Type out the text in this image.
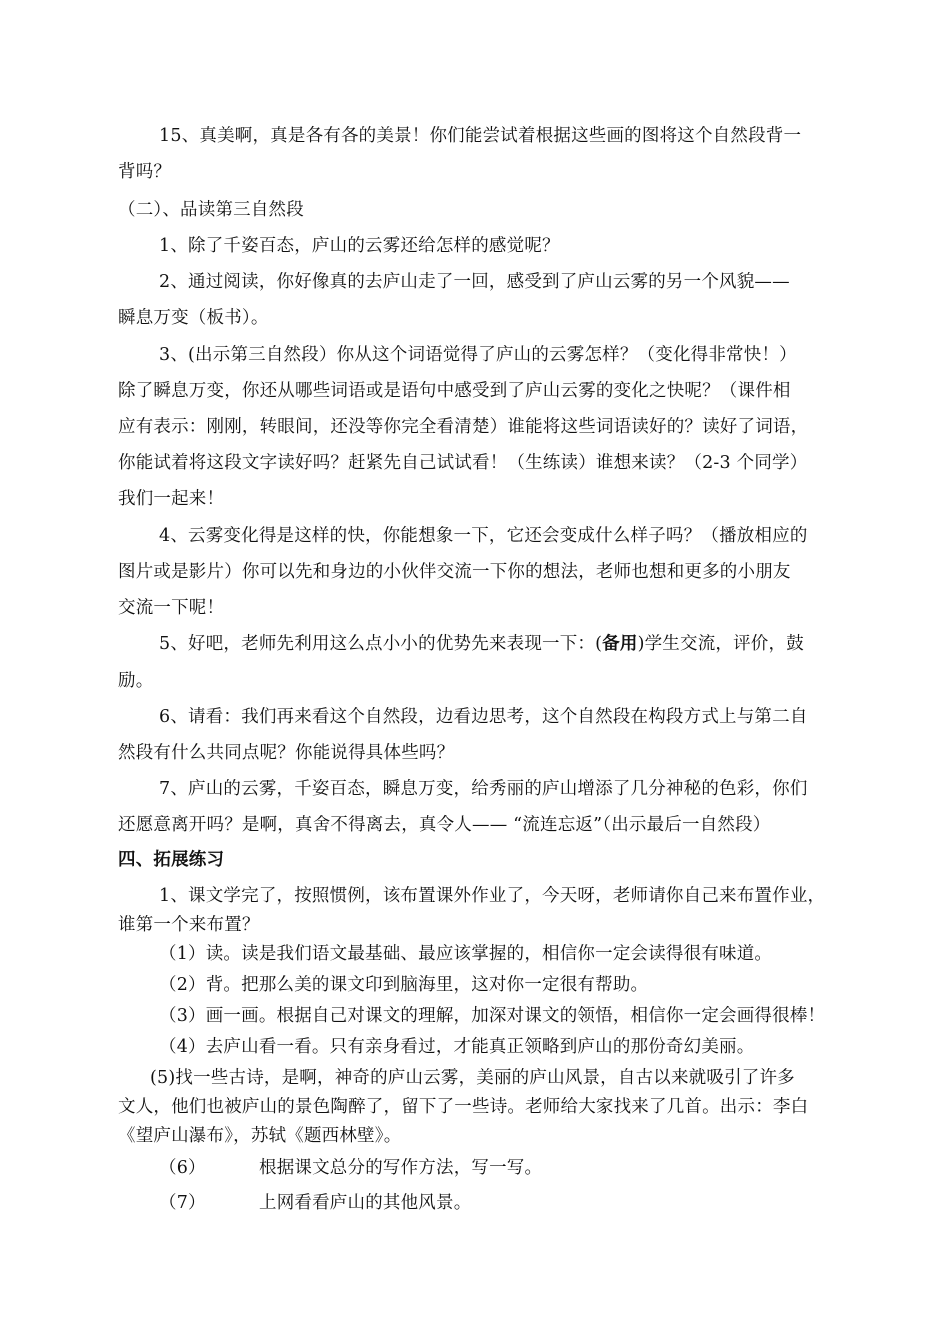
15、真美啊，真是各有各的美景！你们能尝试着根据这些画的图将这个自然段背一
背吗？
（二）、品读第三自然段
1、除了千姿百态，庐山的云雾还给怎样的感觉呢？
2、通过阅读，你好像真的去庐山走了一回，感受到了庐山云雾的另一个风貌——
瞬息万变（板书）。
3、(出示第三自然段）你从这个词语觉得了庐山的云雾怎样？（变化得非常快！）
除了瞬息万变，你还从哪些词语或是语句中感受到了庐山云雾的变化之快呢？（课件相
应有表示：刚刚，转眼间，还没等你完全看清楚）谁能将这些词语读好的？读好了词语，
你能试着将这段文字读好吗？赶紧先自己试试看！（生练读）谁想来读？（2-3 个同学）
我们一起来！
4、云雾变化得是这样的快，你能想象一下，它还会变成什么样子吗？（播放相应的
图片或是影片）你可以先和身边的小伙伴交流一下你的想法，老师也想和更多的小朋友
交流一下呢！
5、好吧，老师先利用这么点小小的优势先来表现一下：(备用)学生交流，评价，鼓
励。
6、请看：我们再来看这个自然段，边看边思考，这个自然段在构段方式上与第二自
然段有什么共同点呢？你能说得具体些吗？
7、庐山的云雾，千姿百态，瞬息万变，给秀丽的庐山增添了几分神秘的色彩，你们
还愿意离开吗？是啊，真舍不得离去，真令人—— “流连忘返”（出示最后一自然段）
四、拓展练习
1、课文学完了，按照惯例，该布置课外作业了，今天呀，老师请你自己来布置作业，
谁第一个来布置？
（1）读。读是我们语文最基础、最应该掌握的，相信你一定会读得很有味道。
（2）背。把那么美的课文印到脑海里，这对你一定很有帮助。
（3）画一画。根据自己对课文的理解，加深对课文的领悟，相信你一定会画得很棒！
（4）去庐山看一看。只有亲身看过，才能真正领略到庐山的那份奇幻美丽。
(5)找一些古诗，是啊，神奇的庐山云雾，美丽的庐山风景，自古以来就吸引了许多
文人，他们也被庐山的景色陶醉了，留下了一些诗。老师给大家找来了几首。出示：李白
《望庐山瀑布》，苏轼《题西林壁》。
（6）	根据课文总分的写作方法，写一写。
（7）	上网看看庐山的其他风景。
